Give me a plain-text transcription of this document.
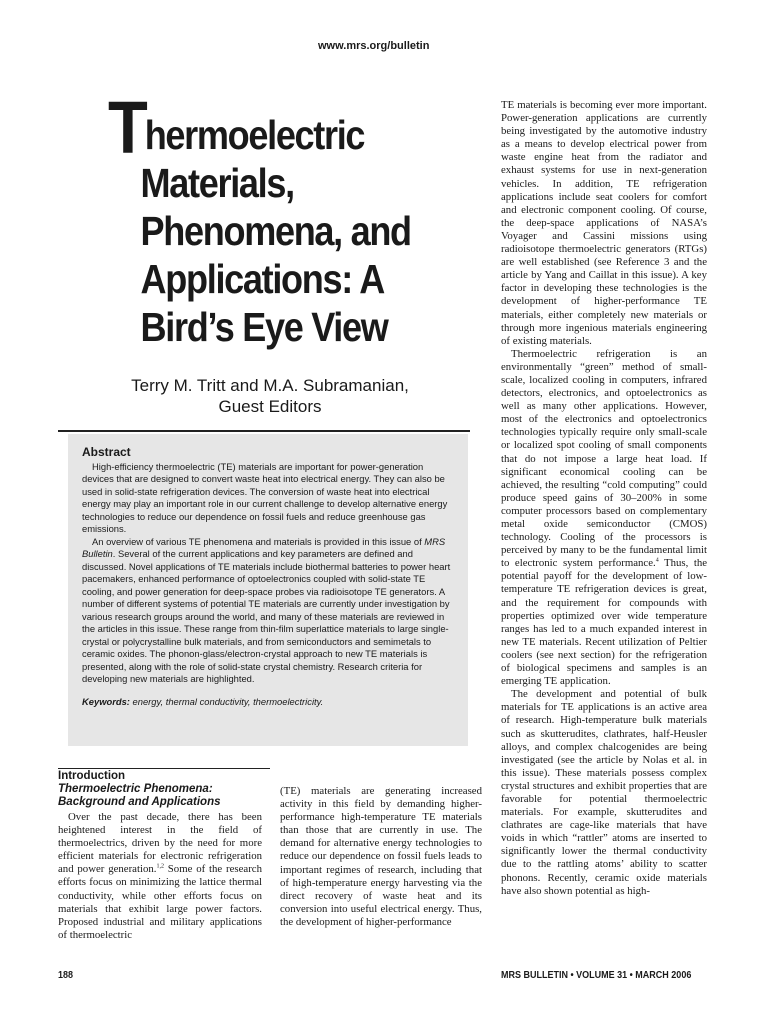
www.mrs.org/bulletin
Thermoelectric
Materials,
Phenomena, and
Applications: A
Bird’s Eye View
Terry M. Tritt and M.A. Subramanian,
Guest Editors
Abstract

High-efficiency thermoelectric (TE) materials are important for power-generation devices that are designed to convert waste heat into electrical energy. They can also be used in solid-state refrigeration devices. The conversion of waste heat into electrical energy may play an important role in our current challenge to develop alternative energy technologies to reduce our dependence on fossil fuels and reduce greenhouse gas emissions.

An overview of various TE phenomena and materials is provided in this issue of MRS Bulletin. Several of the current applications and key parameters are defined and discussed. Novel applications of TE materials include biothermal batteries to power heart pacemakers, enhanced performance of optoelectronics coupled with solid-state TE cooling, and power generation for deep-space probes via radioisotope TE generators. A number of different systems of potential TE materials are currently under investigation by various research groups around the world, and many of these materials are reviewed in the articles in this issue. These range from thin-film superlattice materials to large single-crystal or polycrystalline bulk materials, and from semiconductors and semimetals to ceramic oxides. The phonon-glass/electron-crystal approach to new TE materials is presented, along with the role of solid-state crystal chemistry. Research criteria for developing new materials are highlighted.

Keywords: energy, thermal conductivity, thermoelectricity.

Introduction
Thermoelectric Phenomena:
Background and Applications

Over the past decade, there has been heightened interest in the field of thermoelectrics, driven by the need for more efficient materials for electronic refrigeration and power generation.$^{1,2}$ Some of the research efforts focus on minimizing the lattice thermal conductivity, while other efforts focus on materials that exhibit large power factors. Proposed industrial and military applications of thermoelectric

(TE) materials are generating increased activity in this field by demanding higher-performance high-temperature TE materials than those that are currently in use. The demand for alternative energy technologies to reduce our dependence on fossil fuels leads to important regimes of research, including that of high-temperature energy harvesting via the direct recovery of waste heat and its conversion into useful electrical energy. Thus, the development of higher-performance

TE materials is becoming ever more important. Power-generation applications are currently being investigated by the automotive industry as a means to develop electrical power from waste engine heat from the radiator and exhaust systems for use in next-generation vehicles. In addition, TE refrigeration applications include seat coolers for comfort and electronic component cooling. Of course, the deep-space applications of NASA’s Voyager and Cassini missions using radioisotope thermoelectric generators (RTGs) are well established (see Reference 3 and the article by Yang and Caillat in this issue). A key factor in developing these technologies is the development of higher-performance TE materials, either completely new materials or through more ingenious materials engineering of existing materials.

Thermoelectric refrigeration is an environmentally “green” method of small-scale, localized cooling in computers, infrared detectors, electronics, and optoelectronics as well as many other applications. However, most of the electronics and optoelectronics technologies typically require only small-scale or localized spot cooling of small components that do not impose a large heat load. If significant economical cooling can be achieved, the resulting “cold computing” could produce speed gains of 30–200% in some computer processors based on complementary metal oxide semiconductor (CMOS) technology. Cooling of the processors is perceived by many to be the fundamental limit to electronic system performance.$^4$ Thus, the potential payoff for the development of low-temperature TE refrigeration devices is great, and the requirement for compounds with properties optimized over wide temperature ranges has led to a much expanded interest in new TE materials. Recent utilization of Peltier coolers (see next section) for the refrigeration of biological specimens and samples is an emerging TE application.

The development and potential of bulk materials for TE applications is an active area of research. High-temperature bulk materials such as skutterudites, clathrates, half-Heusler alloys, and complex chalcogenides are being investigated (see the article by Nolas et al. in this issue). These materials possess complex crystal structures and exhibit properties that are favorable for potential thermoelectric materials. For example, skutterudites and clathrates are cage-like materials that have voids in which “rattler” atoms are inserted to significantly lower the thermal conductivity due to the rattling atoms’ ability to scatter phonons. Recently, ceramic oxide materials have also shown potential as high-

188	MRS BULLETIN • VOLUME 31 • MARCH 2006
